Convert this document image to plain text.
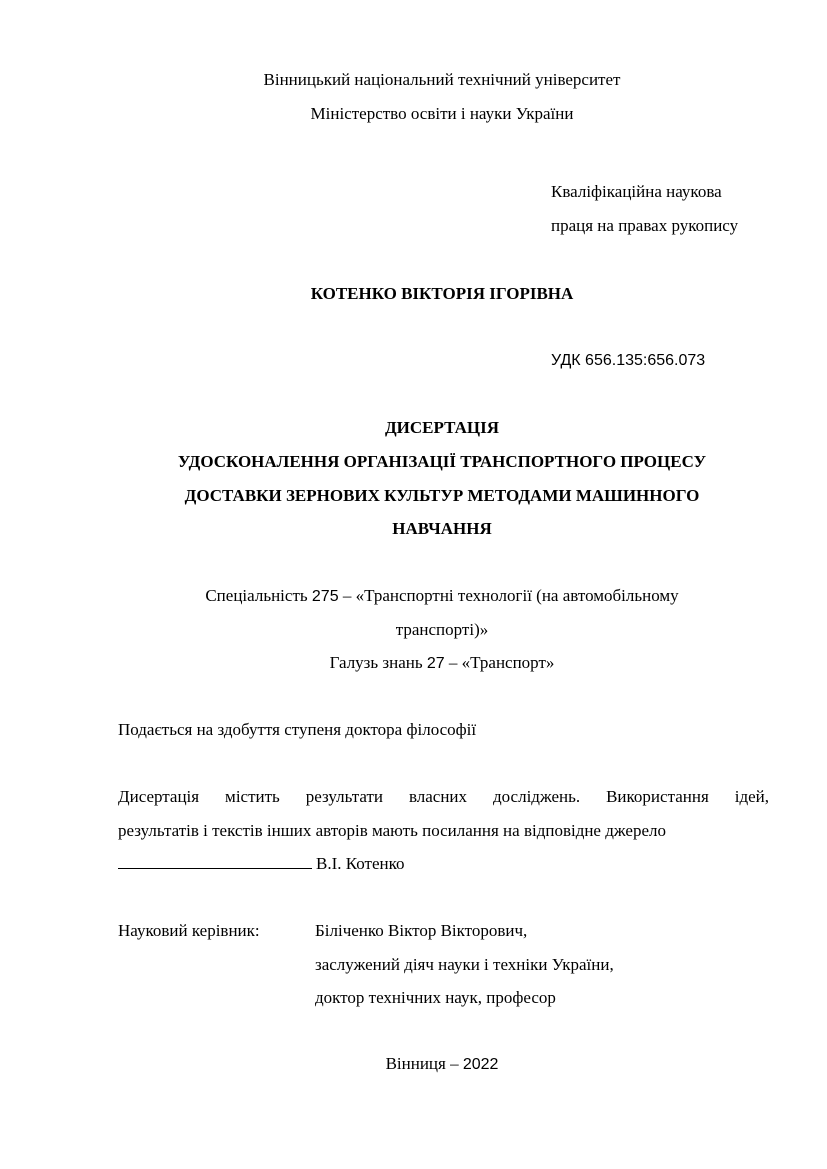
Вінницький національний технічний університет
Міністерство освіти і науки України
Кваліфікаційна наукова
праця на правах рукопису
КОТЕНКО ВІКТОРІЯ ІГОРІВНА
УДК 656.135:656.073
ДИСЕРТАЦІЯ
УДОСКОНАЛЕННЯ ОРГАНІЗАЦІЇ ТРАНСПОРТНОГО ПРОЦЕСУ
ДОСТАВКИ ЗЕРНОВИХ КУЛЬТУР МЕТОДАМИ МАШИННОГО
НАВЧАННЯ
Спеціальність 275 – «Транспортні технології (на автомобільному
транспорті)»
Галузь знань 27 – «Транспорт»
Подається на здобуття ступеня доктора філософії
Дисертація містить результати власних досліджень. Використання ідей,
результатів і текстів інших авторів мають посилання на відповідне джерело
В.І. Котенко
Науковий керівник:	Біліченко Віктор Вікторович,
заслужений діяч науки і техніки України,
доктор технічних наук, професор
Вінниця – 2022
